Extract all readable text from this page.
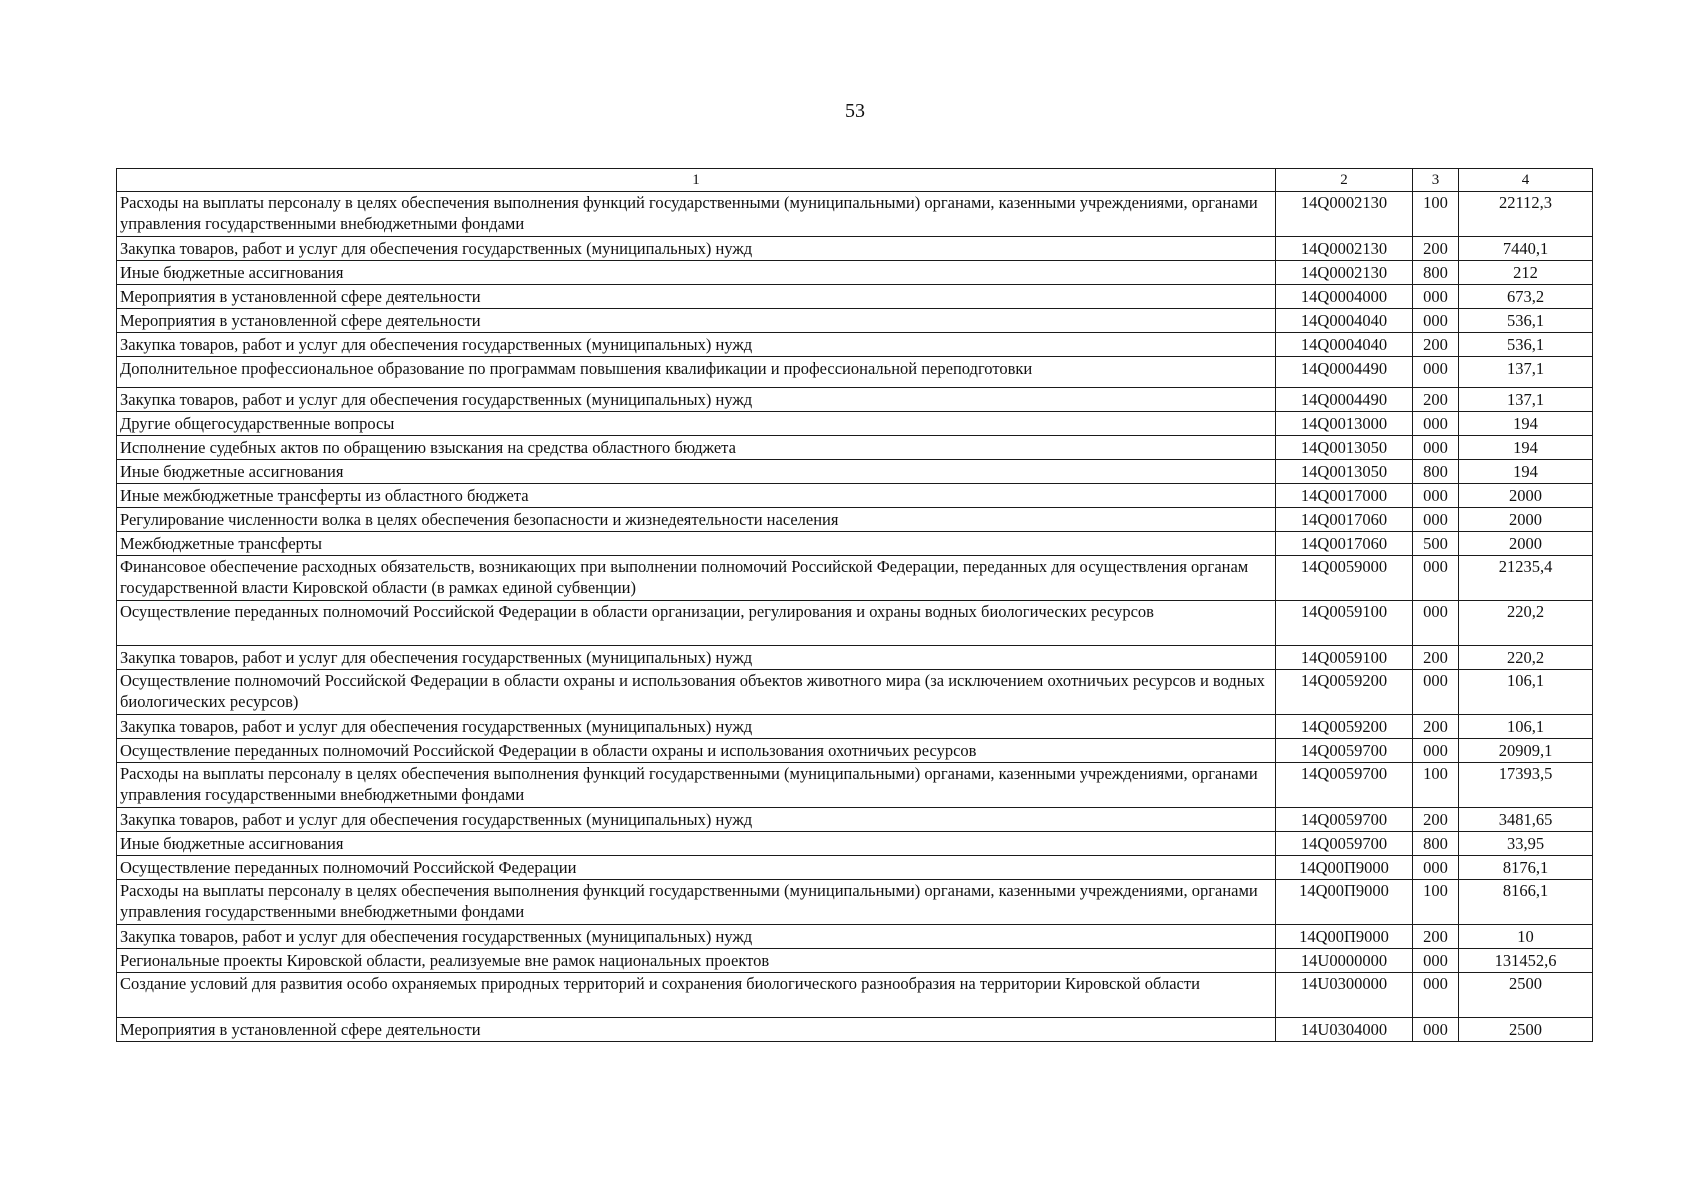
53
1	2	3	4
Расходы на выплаты персоналу в целях обеспечения выполнения функций государственными (муниципальными) органами, казенными учреждениями, органами управления государственными внебюджетными фондами	14Q0002130	100	22112,3
Закупка товаров, работ и услуг для обеспечения государственных (муниципальных) нужд	14Q0002130	200	7440,1
Иные бюджетные ассигнования	14Q0002130	800	212
Мероприятия в установленной сфере деятельности	14Q0004000	000	673,2
Мероприятия в установленной сфере деятельности	14Q0004040	000	536,1
Закупка товаров, работ и услуг для обеспечения государственных (муниципальных) нужд	14Q0004040	200	536,1
Дополнительное профессиональное образование по программам повышения квалификации и профессиональной переподготовки	14Q0004490	000	137,1
Закупка товаров, работ и услуг для обеспечения государственных (муниципальных) нужд	14Q0004490	200	137,1
Другие общегосударственные вопросы	14Q0013000	000	194
Исполнение судебных актов по обращению взыскания на средства областного бюджета	14Q0013050	000	194
Иные бюджетные ассигнования	14Q0013050	800	194
Иные межбюджетные трансферты из областного бюджета	14Q0017000	000	2000
Регулирование численности волка в целях обеспечения безопасности и жизнедеятельности населения	14Q0017060	000	2000
Межбюджетные трансферты	14Q0017060	500	2000
Финансовое обеспечение расходных обязательств, возникающих при выполнении полномочий Российской Федерации, переданных для осуществления органам государственной власти Кировской области (в рамках единой субвенции)	14Q0059000	000	21235,4
Осуществление переданных полномочий Российской Федерации в области организации, регулирования и охраны водных биологических ресурсов	14Q0059100	000	220,2
Закупка товаров, работ и услуг для обеспечения государственных (муниципальных) нужд	14Q0059100	200	220,2
Осуществление полномочий Российской Федерации в области охраны и использования объектов животного мира (за исключением охотничьих ресурсов и водных биологических ресурсов)	14Q0059200	000	106,1
Закупка товаров, работ и услуг для обеспечения государственных (муниципальных) нужд	14Q0059200	200	106,1
Осуществление переданных полномочий Российской Федерации в области охраны и использования охотничьих ресурсов	14Q0059700	000	20909,1
Расходы на выплаты персоналу в целях обеспечения выполнения функций государственными (муниципальными) органами, казенными учреждениями, органами управления государственными внебюджетными фондами	14Q0059700	100	17393,5
Закупка товаров, работ и услуг для обеспечения государственных (муниципальных) нужд	14Q0059700	200	3481,65
Иные бюджетные ассигнования	14Q0059700	800	33,95
Осуществление переданных полномочий Российской Федерации	14Q00П9000	000	8176,1
Расходы на выплаты персоналу в целях обеспечения выполнения функций государственными (муниципальными) органами, казенными учреждениями, органами управления государственными внебюджетными фондами	14Q00П9000	100	8166,1
Закупка товаров, работ и услуг для обеспечения государственных (муниципальных) нужд	14Q00П9000	200	10
Региональные проекты Кировской области, реализуемые вне рамок национальных проектов	14U0000000	000	131452,6
Создание условий для развития особо охраняемых природных территорий и сохранения биологического разнообразия на территории Кировской области	14U0300000	000	2500
Мероприятия в установленной сфере деятельности	14U0304000	000	2500
